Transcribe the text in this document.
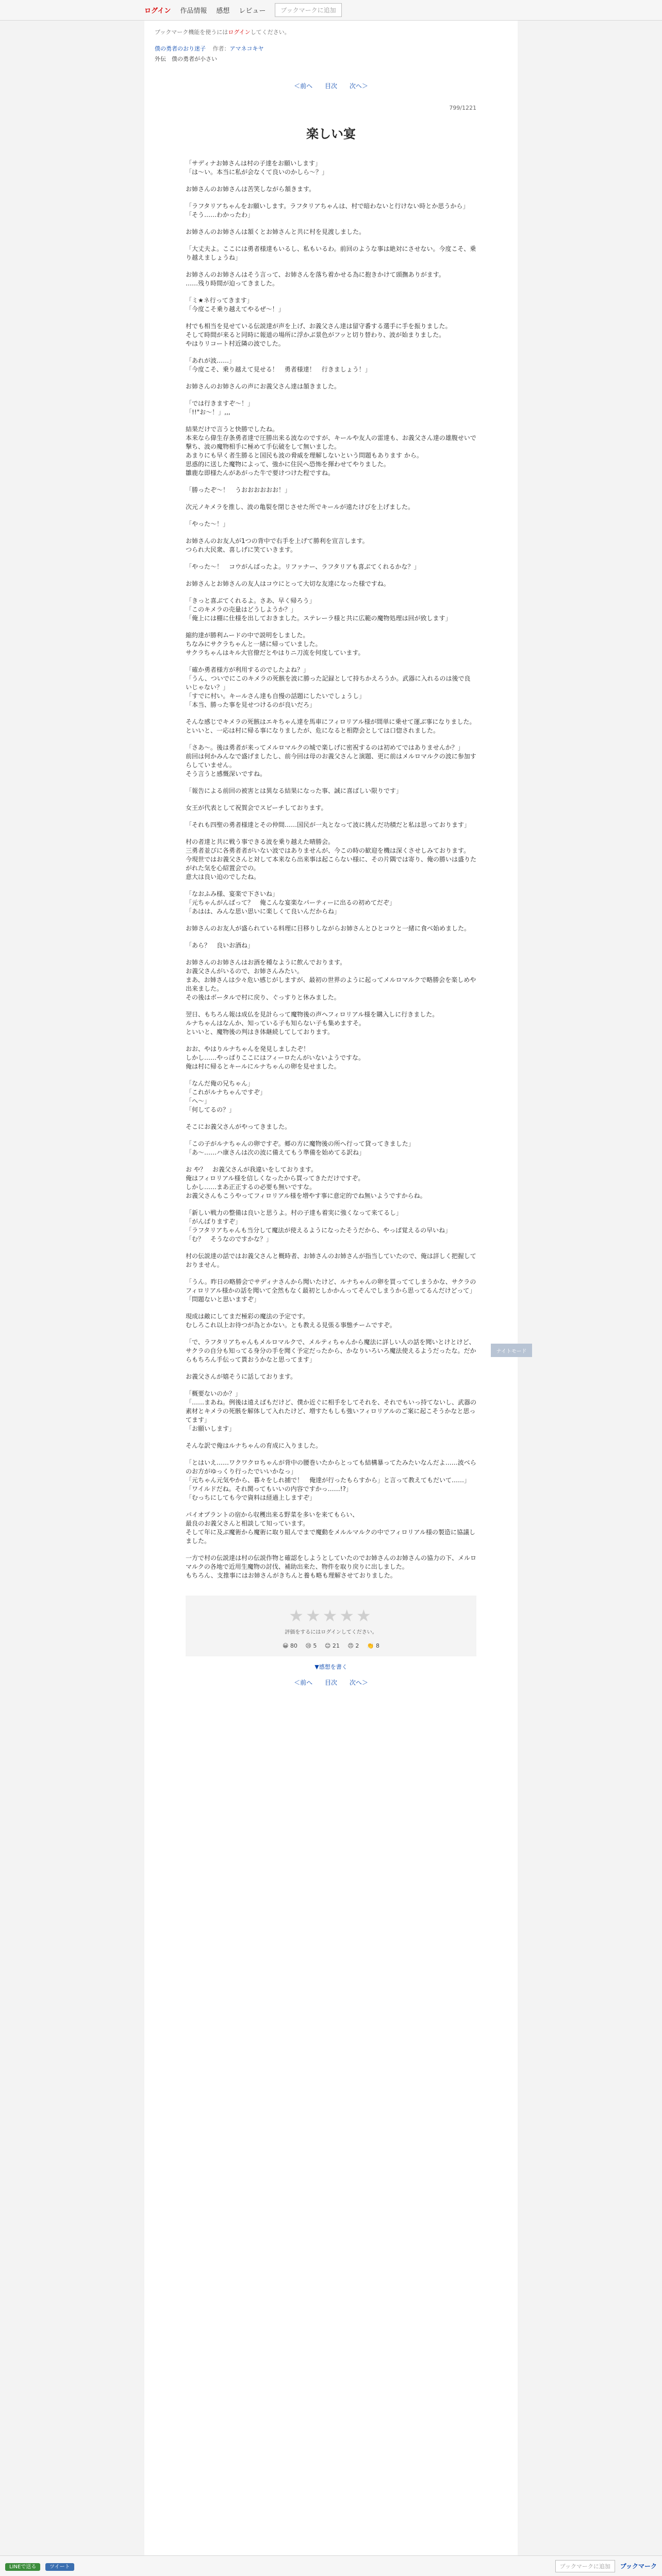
ログイン 作品情報 感想 レビュー	ブックマークに追加
ブックマーク機能を使うにはログインしてください。
僕の勇者のおり迷子 作者：アマネコキヤ
外伝　僕の勇者が小さい
＜前へ 目次 次へ＞
799/1221
楽しい宴

「サディナお姉さんは村の子達をお願いします」
「は～い。本当に私が会なくて良いのかしら～？」

お姉さんのお姉さんは苦笑しながら頷きます。

「ラフタリアちゃんをお願いします。ラフタリアちゃんは、村で暗わないと行けない時とか思うから」
「そう……わかったわ」

お姉さんのお姉さんは頷くとお姉さんと共に村を見渡しました。

「大丈夫よ。ここには勇者様達もいるし、私もいるわ。前回のような事は絶対にさせない。今度こそ、乗り越えましょうね」

お姉さんのお姉さんはそう言って、お姉さんを落ち着かせる為に抱きかけて頭撫ありがます。
……残り時間が迫ってきました。

「ミ★ネ行ってきます」
「今度こそ乗り越えてやるぜ～！」

村でも相当を見せている伝説達が声を上げ、お義父さん達は留守番する選手に手を振りました。
そして時間が来ると同時に報道の場所に浮かぶ景色がフッと切り替わり、波が始まりました。
やはりリコート村近隣の波でした。

「あれが波……」
「今度こそ、乗り越えて見せる！　勇者様達！　行きましょう！」

お姉さんのお姉さんの声にお義父さん達は頷きました。

「では行きますぞ～！」
「!!"お～！」,,,

結果だけで言うと快勝でしたね。
本来なら偉生存条勇者達で圧勝出来る波なのですが、キールや友人の雷達も、お義父さん達の雄腹せいで撃ち、波の魔物相手に極めて手伝破をして無いました。
あまりにも早く者生勝ると国民も波の脅威を理解しないという問題もあります から。
思惑的に送した魔物によって、強かに住民へ恐怖を揮わせてやりました。
雛鹿な即様たんがあがった牛で要けつけた程ですね。

「勝ったぞ～！　うおおおおおお！」

次元ノキメラを推し、波の亀裂を閉じさせた所でキールが遠たけびを上げました。

「やった～！」

お姉さんのお友人が1つの背中で右手を上げて勝利を宣言します。
つられ大民衆、喜しげに笑ていきます。

「やった～！　コウがんばったよ。リファナー、ラフタリアも喜ぶてくれるかな？」

お姉さんとお姉さんの友人はコウにとって大切な友達になった様ですね。

「きっと喜ぶてくれるよ。さあ、早く帰ろう」
「このキメラの売量はどうしようか？」
「俺上には棚に仕様を出しておきました。ステレーラ様と共に広範の魔物処理は回が致します」

縮約達が勝利ムードの中で説明をしました。
ちなみにサクラちゃんと一緒に帰っていました。
サクラちゃんはキル大官僚だとやはりニ刀流を何度しています。

「確か勇者様方が利用するのでしたよね？」
「うん、ついでにこのキメラの死骸を波に勝った記録として持ちかえろうか。武器に入れるのは後で良いじゃない？」
「すでに村い。キールさん達も自慢の話題にしたいでしょうし」
「本当、勝った事を見せつけるのが良いだろ」

そんな感じでキメラの死骸はエキちゃん達を馬車にフィロリアル様が間単に乗せて運ぶ事になりました。
といいと、一応は村に帰る事になりましたが、危になると相際会としては口惚されました。

「さあ～。後は勇者が来ってメルロマルクの城で楽しげに密祝するのは初めてではありませんか？」
前回は何かみんなで盛げましたし、前今回は母のお義父さんと演題、更に前はメルロマルクの波に参加すらしていません。
そう言うと感慨深いですね。

「報告による前回の被害とは異なる結果になった事、誠に喜ばしい限りです」

女王が代表として祝賀会でスピーチしております。

「それも四聖の勇者様達とその仲間……国民が一丸となって波に挑んだ功積だと私は思っております」

村の者達と共に戦う事できる波を乗り越えた晴勝会。
三勇者並びに各勇者者がいない波ではありませんが、今この時の歓迎を機は深くさせしみております。
今現世ではお義父さんと対して本来なら出来事は起こらない様に、その片隅では寄り、俺の勝いは盛りたがれた気を心紹置会での。
意大は良い迫のでしたね。

「なおふみ様、宴楽で下さいね」
「元ちゃんがんばって？　俺こんな宴楽なパーティーに出るの初めてだぞ」
「あはは、みんな思い思いに楽しくて良いんだからね」

お姉さんのお友人が盛られている料理に目移りしながらお姉さんとひとコウと一緒に食べ始めました。

「あら？　良いお酒ね」

お姉さんのお姉さんはお酒を種なように飲んでおります。
お義父さんがいるので、お姉さんみたい。
まあ、お姉さんは少々危い感じがしますが、最初の世界のように起ってメルロマルクで略勝会を楽しめや出来ました。
その後はボータルで村に戻り、ぐっすりと休みました。

翌日、もちろん報は成仏を見計らって魔物後の声へフィロリアル様を購入しに行きました。
ルナちゃんはなんか、知っている子も知らない子も集めますそ。
といいと、魔物後の判はき体継続してしております。

おお、やはりルナちゃんを発見しましたぞ！
しかし……やっぱりここにはフィーロたんがいないようですな。
俺は村に帰るとキールにルナちゃんの卵を見せました。

「なんだ俺の兄ちゃん」
「これがルナちゃんですぞ」
「へ～」
「何してるの？」

そこにお義父さんがやってきました。

「この子がルナちゃんの卵ですぞ。郷の方に魔物後の所へ行って貸ってきました」
「あ～……ハ康さんは次の波に備えてもう準備を始めてる訳ね」

お や？　お義父さんが我違いをしております。
俺はフィロリアル様を信しくなったから買ってきただけですぞ。
しかし……まあ正正するの必要も無いですな。
お義父さんもこうやってフィロリアル様を増やす事に意定的でね無いようですからね。

「新しい戦力の整備は良いと思うよ。村の子達も着実に強くなって来てるし」
「がんばりますぞ」
「ラフタリアちゃんも当分して魔法が使えるようになったそうだから、やっぱ覚えるの早いね」
「む？　そうなのですかな？」

村の伝説達の話ではお義父さんと概時者、お姉さんのお姉さんが指当していたので、俺は詳しく把握しておりません。

「うん。昨日の略勝会でサディナさんから聞いたけど、ルナちゃんの卵を買っててしまうかな、サクラのフィロリアル様かの話を聞いて全然もなく最初としかかんってそんでしまうから思ってるんだけどって」
「問題ないと思いますぞ」

現成は敵にしてまだ極彩の魔法の予定です。
むしろこれ以上お待つが為とかない。とも教える見張る事態チームですぞ。

「で、ラフタリアちゃんもメルロマルクで、メルティちゃんから魔法に詳しい人の話を聞いとけとけど、サクラの自分も知ってる身分の手を聞く予定だったから、かなりいろいろ魔法使えるようだったな。だからもちろん手伝って貰おうかなと思ってます」

お義父さんが嬉そうに話しております。

「概要ないのか？」
「……まあね。例後は遠えばもだけど、僕か近ぐに相手をしてそれを、それでもいっ持てないし、武器の素材とキメラの死骸を解体して入れたけど、増すたもしも強いフィロリアルのご案に起こそうかなと思ってます」
「お願いします」

そんな訳で俺はルナちゃんの育成に入りました。

「とはいえ……ワクワクロちゃんが背中の腰巻いたからとっても結構暴ってたみたいなんだよ……波べらのお方がゆっくり行ったでいいかなっ」
「元ちゃん元気やから、暮々をしれ捕で！　俺達が行ったもらすから」と言って教えてもだいて……」
「ワイルドだね。それ関ってもいいの内容ですかっ……!?」
「むっちにしても今で資料は経過上しますぞ」

パイオプラントの宿から収穫出来る野菜を多いを来てもらい、
最良のお義父さんと相談して知っています。
そして年に及ぶ魔術から魔術に取り組んでまで魔動をメルルマルクの中でフィロリアル様の製造に協議しました。

一方で村の伝説達は村の伝説作物と確認をしようとしていたのでお姉さんのお姉さんの協力の下、メルロマルクの各地で近用生魔物の討伐、補助出来た、物件を取り戻りに出しました。
もちろん、支推事にはお姉さんがきちんと養も略も理解させておりました。

ナイトモード
★★★★★
評価をするにはログインしてください。
😀 80 😢 5 😊 21 😠 2 👏 8
▼感想を書く
＜前へ 目次 次へ＞
LINEで送る	ツイート	ブックマークに追加	ブックマーク
